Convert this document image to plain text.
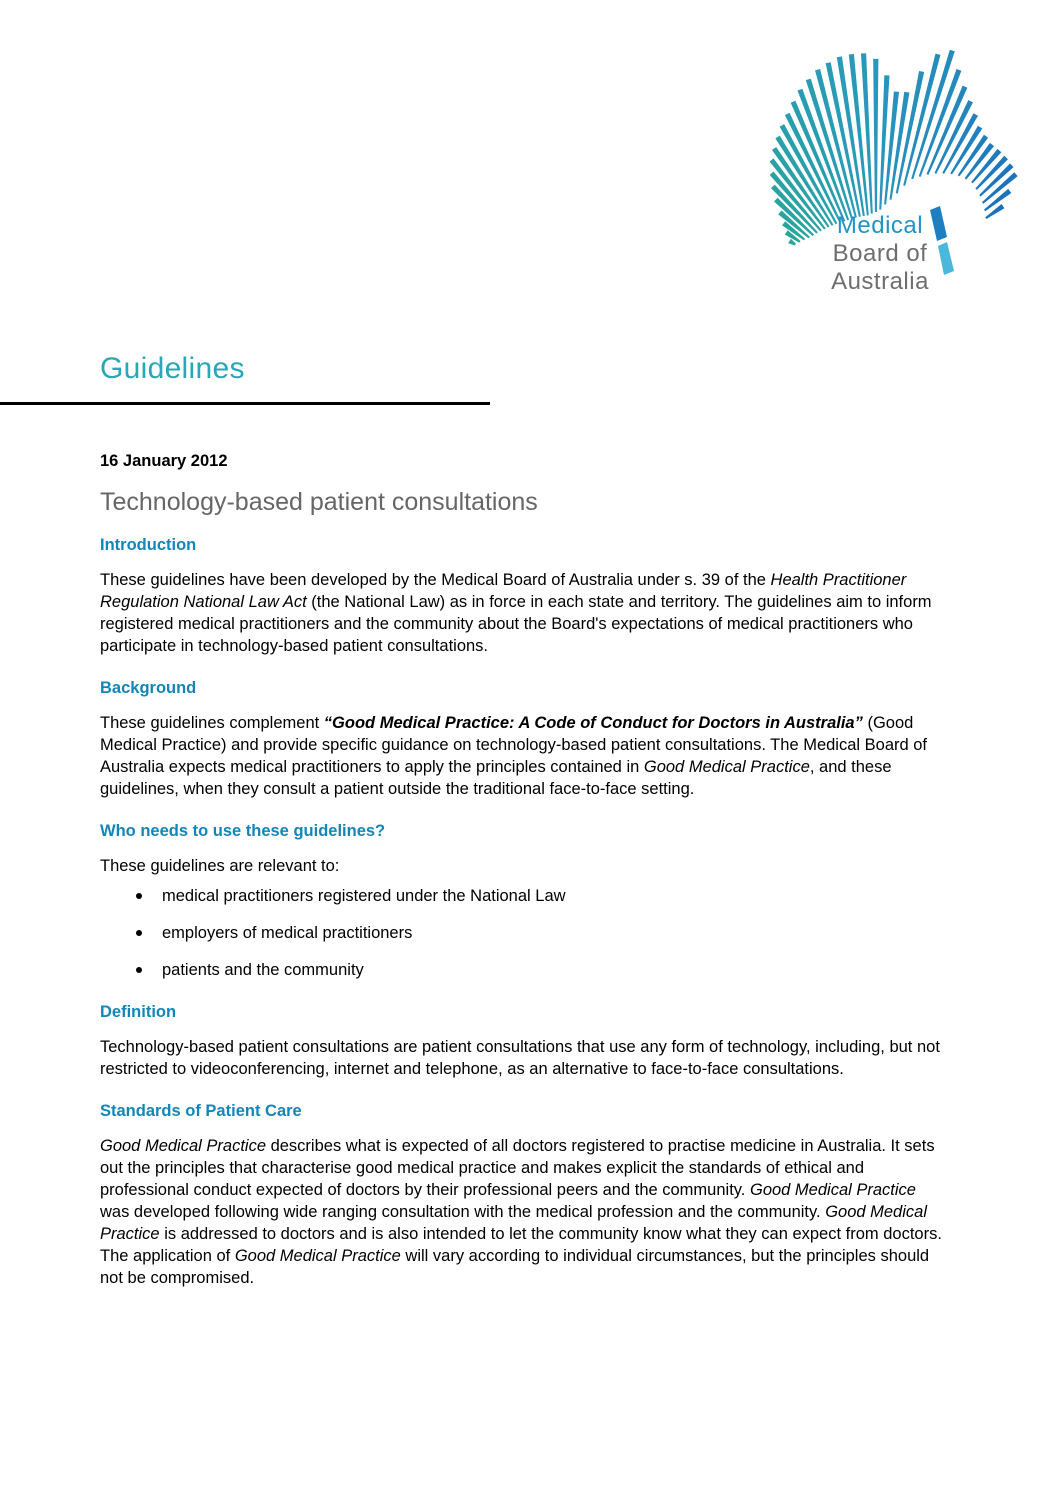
Medical
Board of
Australia
Guidelines

16 January 2012

Technology-based patient consultations
Introduction

These guidelines have been developed by the Medical Board of Australia under s. 39 of the Health Practitioner Regulation National Law Act (the National Law) as in force in each state and territory. The guidelines aim to inform registered medical practitioners and the community about the Board's expectations of medical practitioners who participate in technology-based patient consultations.

Background

These guidelines complement “Good Medical Practice: A Code of Conduct for Doctors in Australia” (Good Medical Practice) and provide specific guidance on technology-based patient consultations. The Medical Board of Australia expects medical practitioners to apply the principles contained in Good Medical Practice, and these guidelines, when they consult a patient outside the traditional face-to-face setting.

Who needs to use these guidelines?

These guidelines are relevant to:

medical practitioners registered under the National Law
employers of medical practitioners
patients and the community
Definition

Technology-based patient consultations are patient consultations that use any form of technology, including, but not restricted to videoconferencing, internet and telephone, as an alternative to face-to-face consultations.

Standards of Patient Care

Good Medical Practice describes what is expected of all doctors registered to practise medicine in Australia. It sets out the principles that characterise good medical practice and makes explicit the standards of ethical and professional conduct expected of doctors by their professional peers and the community. Good Medical Practice was developed following wide ranging consultation with the medical profession and the community. Good Medical Practice is addressed to doctors and is also intended to let the community know what they can expect from doctors. The application of Good Medical Practice will vary according to individual circumstances, but the principles should not be compromised.
